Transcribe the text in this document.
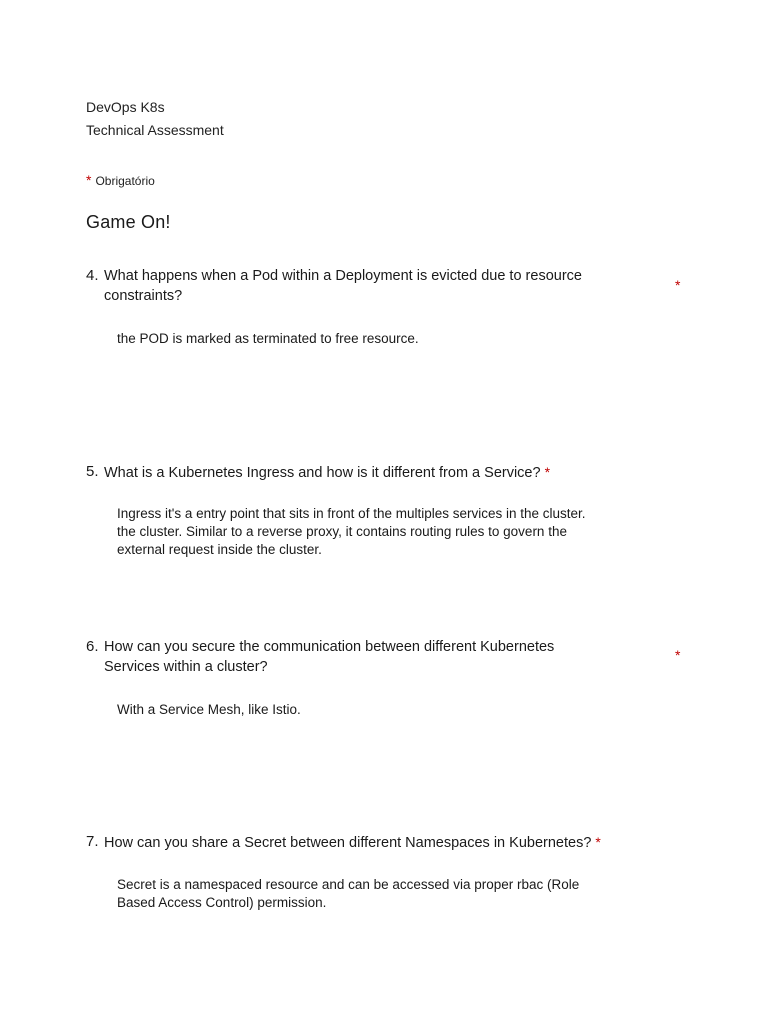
DevOps K8s
Technical Assessment
* Obrigatório
Game On!
4. What happens when a Pod within a Deployment is evicted due to resource
constraints?
*
the POD is marked as terminated to free resource.
5. What is a Kubernetes Ingress and how is it different from a Service? *
Ingress it's a entry point that sits in front of the multiples services in the cluster.
the cluster. Similar to a reverse proxy, it contains routing rules to govern the
external request inside the cluster.
6. How can you secure the communication between different Kubernetes
Services within a cluster?
*
With a Service Mesh, like Istio.
7. How can you share a Secret between different Namespaces in Kubernetes? *
Secret is a namespaced resource and can be accessed via proper rbac (Role
Based Access Control) permission.
